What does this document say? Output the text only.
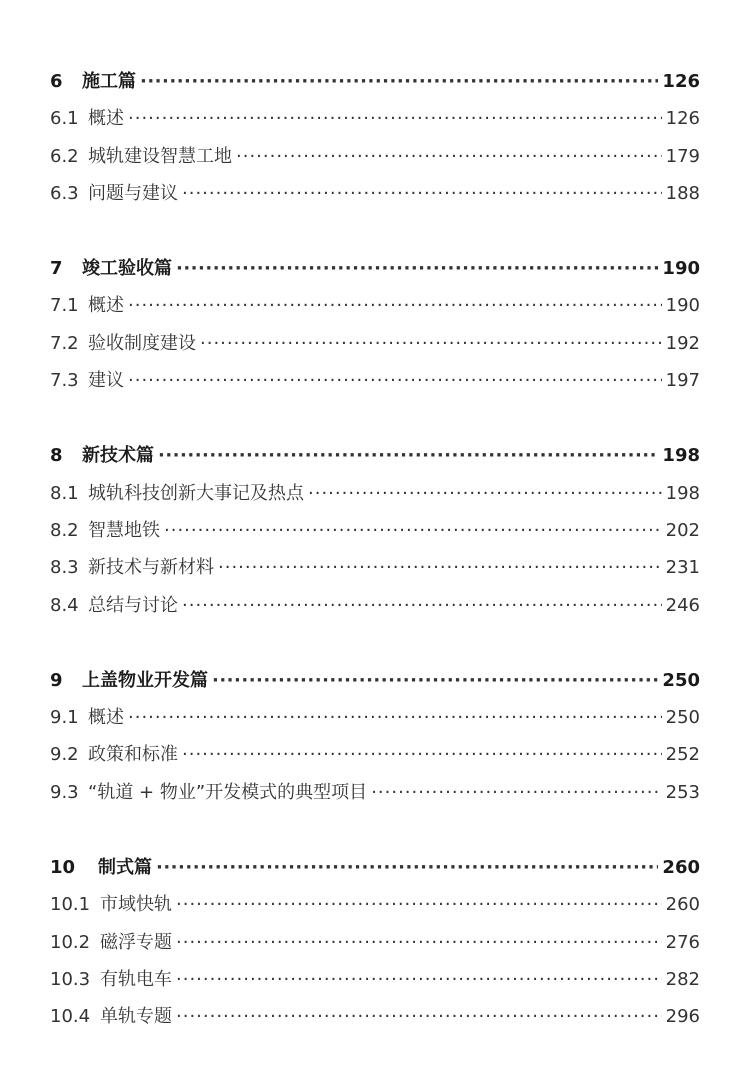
6	施工篇 ·····	126
6.1 概述 ·····	126
6.2 城轨建设智慧工地 ·····	179
6.3 问题与建议 ·····	188
7	竣工验收篇 ·····	190
7.1 概述 ·····	190
7.2 验收制度建设 ·····	192
7.3 建议 ·····	197
8	新技术篇 ·····	198
8.1 城轨科技创新大事记及热点 ·····	198
8.2 智慧地铁 ·····	202
8.3 新技术与新材料 ·····	231
8.4 总结与讨论 ·····	246
9	上盖物业开发篇 ·····	250
9.1 概述 ·····	250
9.2 政策和标准 ·····	252
9.3 “轨道 + 物业”开发模式的典型项目 ·····	253
10	制式篇 ·····	260
10.1 市域快轨 ·····	260
10.2 磁浮专题 ·····	276
10.3 有轨电车 ·····	282
10.4 单轨专题 ·····	296
